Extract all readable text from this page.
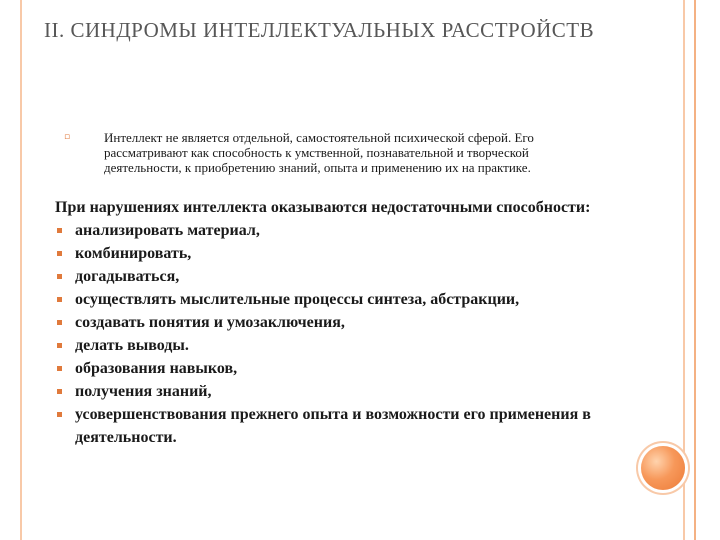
II. СИНДРОМЫ ИНТЕЛЛЕКТУАЛЬНЫХ РАССТРОЙСТВ
▫	Интеллект не является отдельной, самостоятельной психической сферой. Его рассматривают как способность к умственной, познавательной и творческой деятельности, к приобретению знаний, опыта и применению их на практике.

При нарушениях интеллекта оказываются недостаточными способности:

анализировать материал,
комбинировать,
догадываться,
осуществлять мыслительные процессы синтеза, абстракции,
создавать понятия и умозаключения,
делать выводы.
образования навыков,
получения знаний,
усовершенствования прежнего опыта и возможности его применения в деятельности.
